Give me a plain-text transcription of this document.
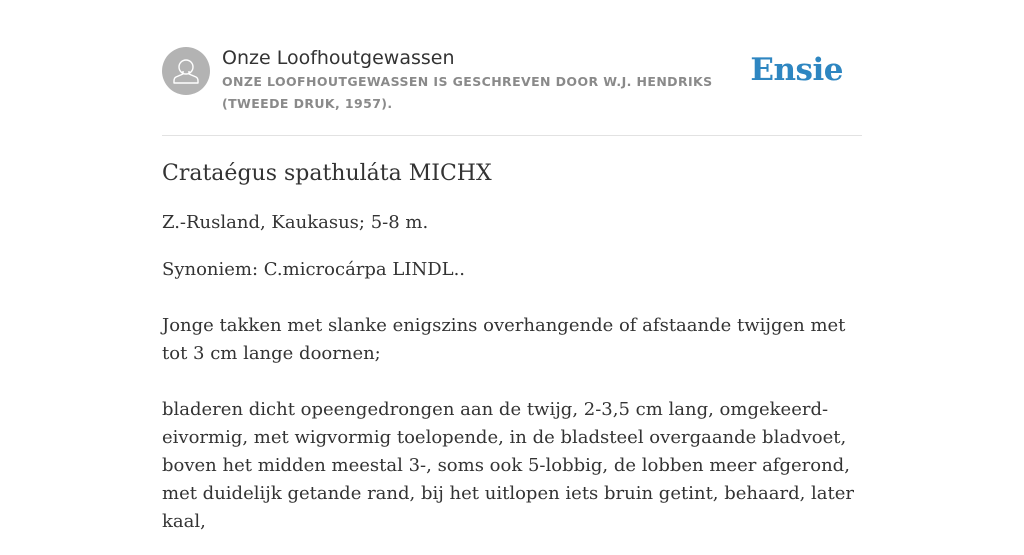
Onze Loofhoutgewassen
ONZE LOOFHOUTGEWASSEN IS GESCHREVEN DOOR W.J. HENDRIKS (TWEEDE DRUK, 1957).
Ensie
Crataégus spathuláta MICHX

Z.-Rusland, Kaukasus; 5-8 m.

Synoniem: C.microcárpa LINDL..

Jonge takken met slanke enigszins overhangende of afstaande twijgen met tot 3 cm lange doornen;

bladeren dicht opeengedrongen aan de twijg, 2-3,5 cm lang, omgekeerd-eivormig, met wigvormig toelopende, in de bladsteel overgaande bladvoet, boven het midden meestal 3-, soms ook 5-lobbig, de lobben meer afgerond, met duidelijk getande rand, bij het uitlopen iets bruin getint, behaard, later kaal,
